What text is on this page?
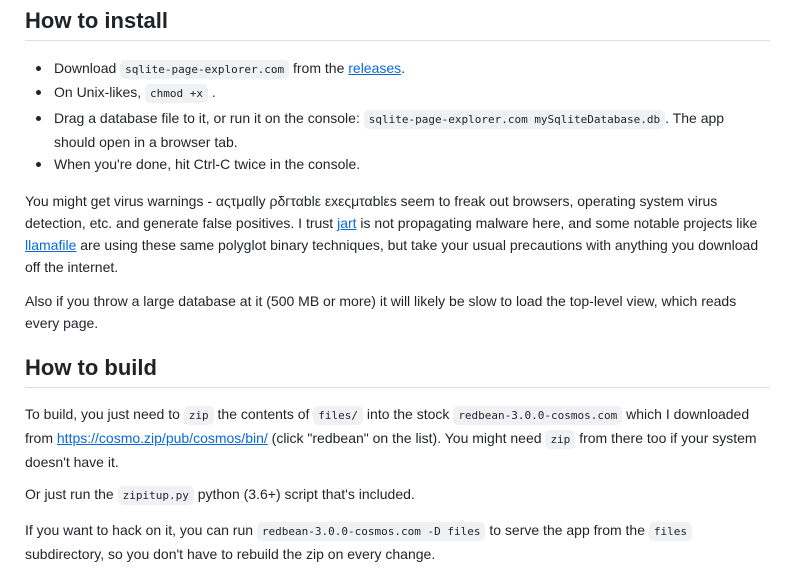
How to install
Download sqlite-page-explorer.com from the releases.
On Unix-likes, chmod +x .
Drag a database file to it, or run it on the console: sqlite-page-explorer.com mySqliteDatabase.db . The app should open in a browser tab.
When you're done, hit Ctrl-C twice in the console.

You might get virus warnings - αςτμαlly ρδгταblε εxεςμταblεs seem to freak out browsers, operating system virus detection, etc. and generate false positives. I trust jart is not propagating malware here, and some notable projects like llamafile are using these same polyglot binary techniques, but take your usual precautions with anything you download off the internet.

Also if you throw a large database at it (500 MB or more) it will likely be slow to load the top-level view, which reads every page.

How to build

To build, you just need to zip the contents of files/ into the stock redbean-3.0.0-cosmos.com which I downloaded from https://cosmo.zip/pub/cosmos/bin/ (click "redbean" on the list). You might need zip from there too if your system doesn't have it.

Or just run the zipitup.py python (3.6+) script that's included.

If you want to hack on it, you can run redbean-3.0.0-cosmos.com -D files to serve the app from the files subdirectory, so you don't have to rebuild the zip on every change.
